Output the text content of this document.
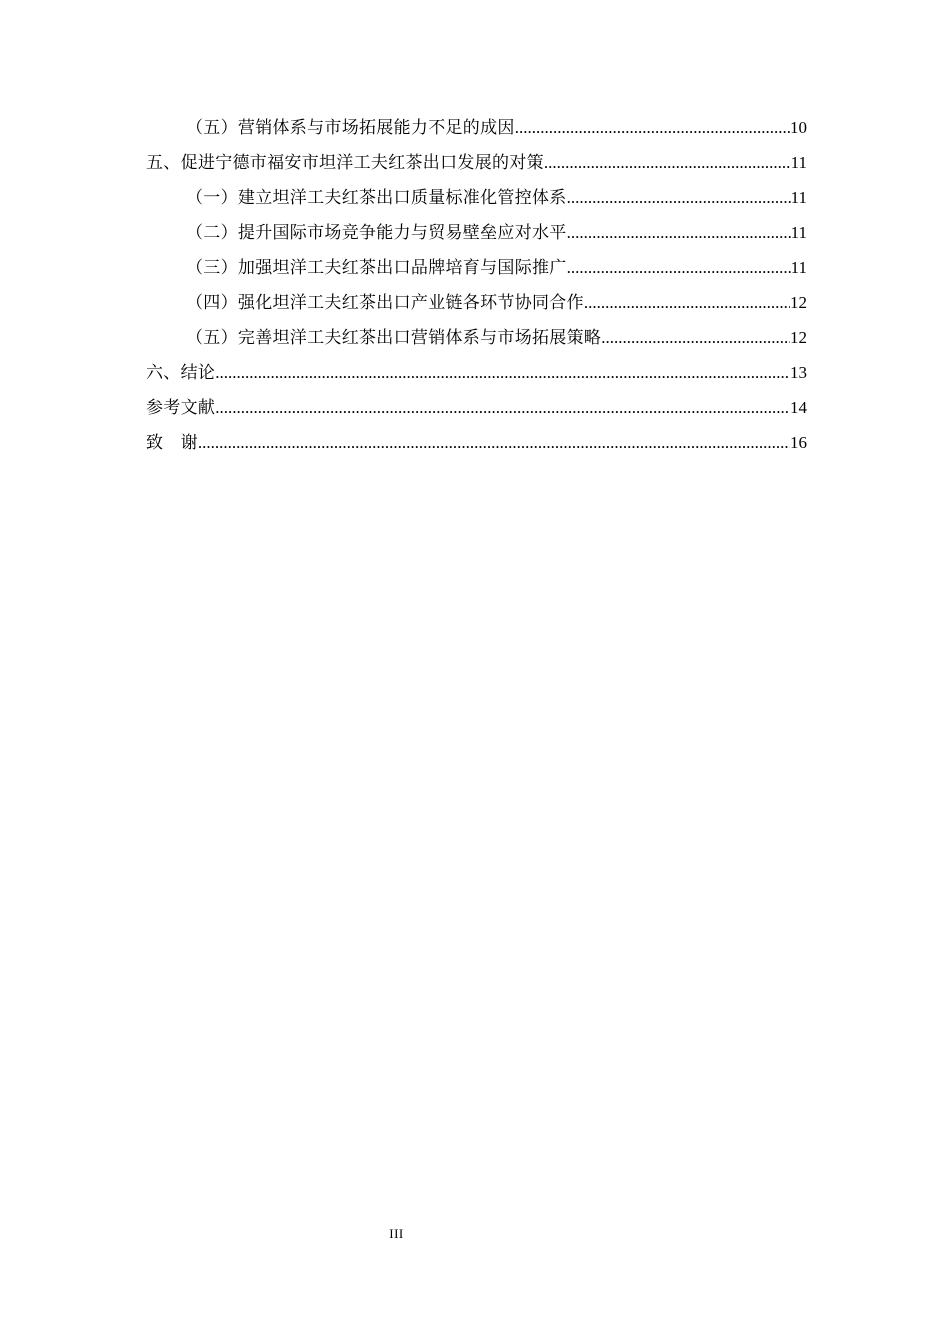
（五）营销体系与市场拓展能力不足的成因 .....	10
五、促进宁德市福安市坦洋工夫红茶出口发展的对策 .....	11
（一）建立坦洋工夫红茶出口质量标准化管控体系 .....	11
（二）提升国际市场竞争能力与贸易壁垒应对水平 .....	11
（三）加强坦洋工夫红茶出口品牌培育与国际推广 .....	11
（四）强化坦洋工夫红茶出口产业链各环节协同合作 .....	12
（五）完善坦洋工夫红茶出口营销体系与市场拓展策略 .....	12
六、结论 .....	13
参考文献 .....	14
致　谢 .....	16
III
